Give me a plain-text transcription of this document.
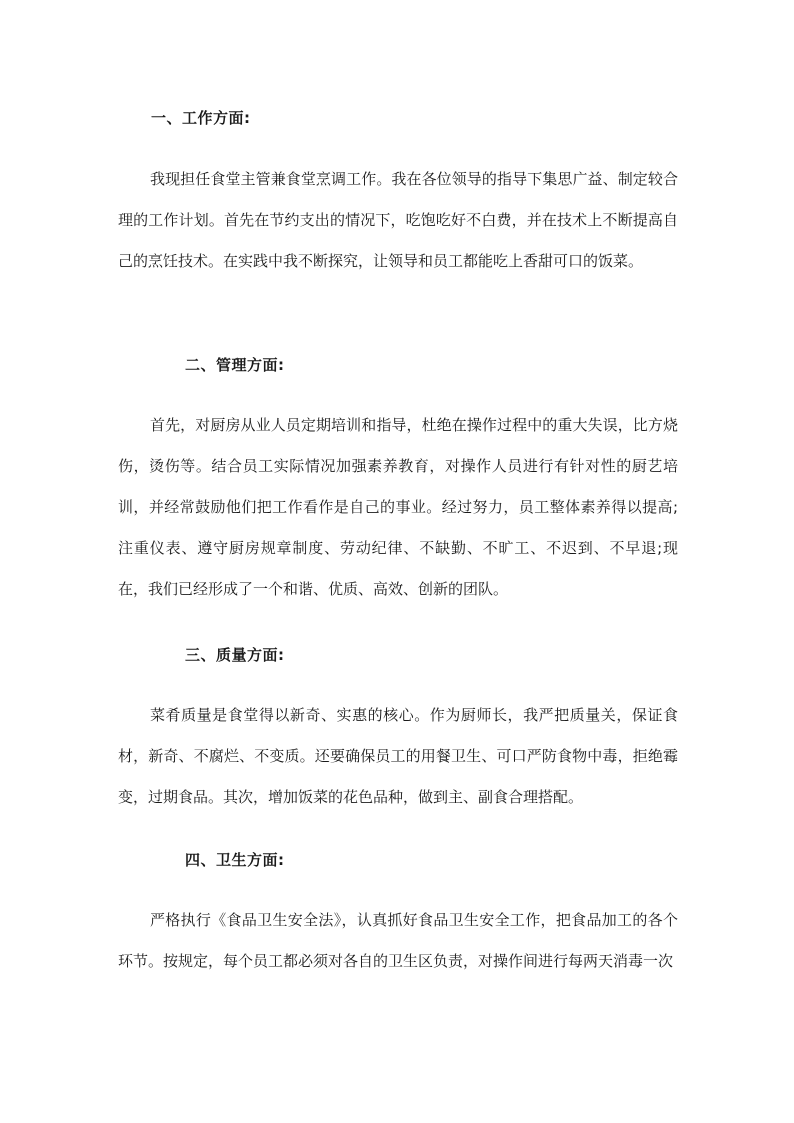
一、工作方面:
我现担任食堂主管兼食堂烹调工作。我在各位领导的指导下集思广益、制定较合理的工作计划。首先在节约支出的情况下，吃饱吃好不白费，并在技术上不断提高自己的烹饪技术。在实践中我不断探究，让领导和员工都能吃上香甜可口的饭菜。
二、管理方面:
首先，对厨房从业人员定期培训和指导，杜绝在操作过程中的重大失误，比方烧伤，烫伤等。结合员工实际情况加强素养教育，对操作人员进行有针对性的厨艺培训，并经常鼓励他们把工作看作是自己的事业。经过努力，员工整体素养得以提高;注重仪表、遵守厨房规章制度、劳动纪律、不缺勤、不旷工、不迟到、不早退;现在，我们已经形成了一个和谐、优质、高效、创新的团队。
三、质量方面:
菜肴质量是食堂得以新奇、实惠的核心。作为厨师长，我严把质量关，保证食材，新奇、不腐烂、不变质。还要确保员工的用餐卫生、可口严防食物中毒，拒绝霉变，过期食品。其次，增加饭菜的花色品种，做到主、副食合理搭配。
四、卫生方面:
严格执行《食品卫生安全法》，认真抓好食品卫生安全工作，把食品加工的各个环节。按规定，每个员工都必须对各自的卫生区负责，对操作间进行每两天消毒一次
